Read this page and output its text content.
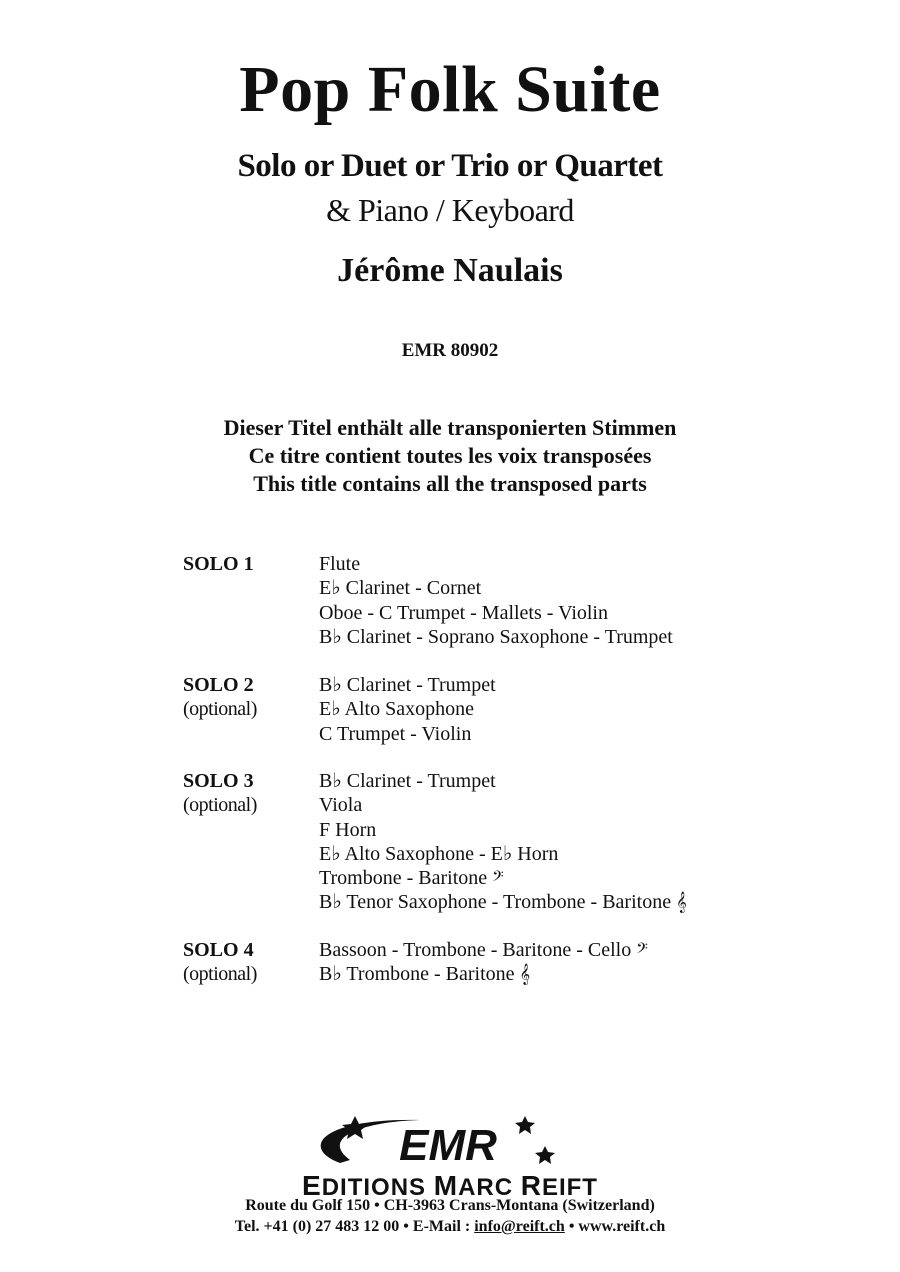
Pop Folk Suite
Solo or Duet or Trio or Quartet
& Piano / Keyboard
Jérôme Naulais
EMR 80902
Dieser Titel enthält alle transponierten Stimmen
Ce titre contient toutes les voix transposées
This title contains all the transposed parts
SOLO 1	Flute
E♭ Clarinet - Cornet
Oboe - C Trumpet - Mallets - Violin
B♭ Clarinet - Soprano Saxophone - Trumpet
SOLO 2
(optional)
B♭ Clarinet - Trumpet
E♭ Alto Saxophone
C Trumpet - Violin
SOLO 3
(optional)
B♭ Clarinet - Trumpet
Viola
F Horn
E♭ Alto Saxophone - E♭ Horn
Trombone - Baritone 𝄢
B♭ Tenor Saxophone - Trombone - Baritone 𝄞
SOLO 4
(optional)
Bassoon - Trombone - Baritone - Cello 𝄢
B♭ Trombone - Baritone 𝄞
EMR
EDITIONS MARC REIFT
Route du Golf 150 • CH-3963 Crans-Montana (Switzerland)
Tel. +41 (0) 27 483 12 00 • E-Mail : info@reift.ch • www.reift.ch
